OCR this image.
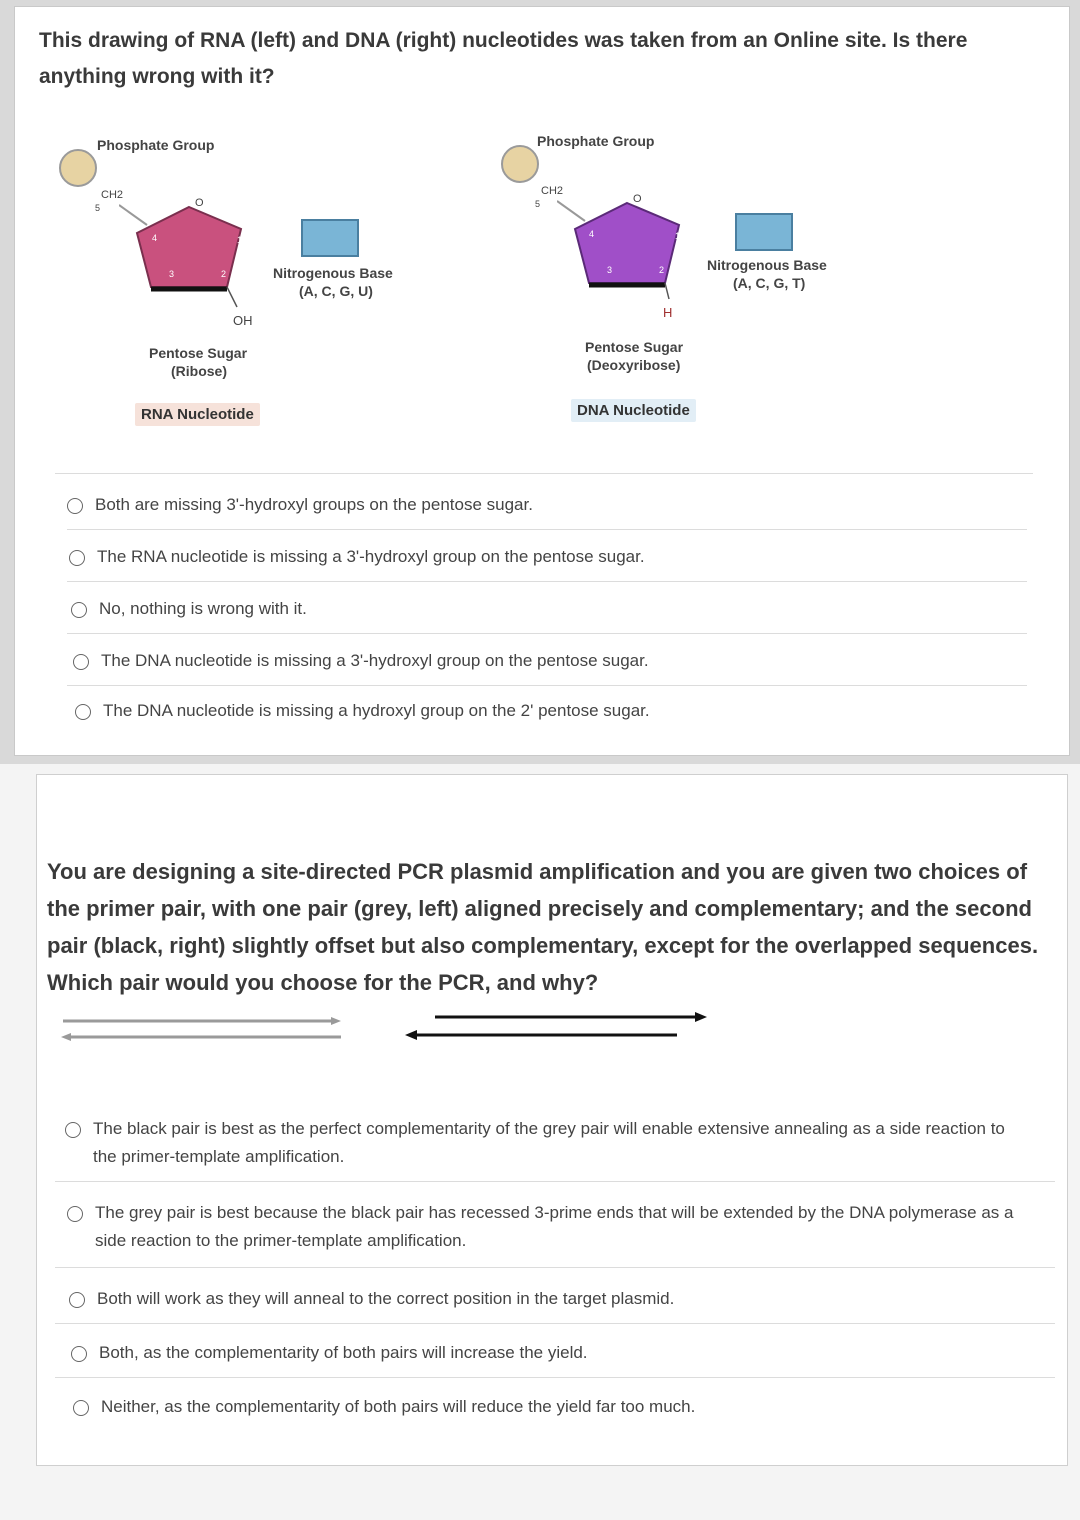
This drawing of RNA (left) and DNA (right) nucleotides was taken from an Online site. Is there anything wrong with it?
Phosphate Group
CH2
5	O
4	1
3	2
OH
Nitrogenous Base
(A, C, G, U)
Pentose Sugar
(Ribose)
RNA Nucleotide
Phosphate Group
CH2
5	O
4	1
3	2
H
Nitrogenous Base
(A, C, G, T)
Pentose Sugar
(Deoxyribose)
DNA Nucleotide
Both are missing 3'-hydroxyl groups on the pentose sugar.
The RNA nucleotide is missing a 3'-hydroxyl group on the pentose sugar.
No, nothing is wrong with it.
The DNA nucleotide is missing a 3'-hydroxyl group on the pentose sugar.
The DNA nucleotide is missing a hydroxyl group on the 2' pentose sugar.
You are designing a site-directed PCR plasmid amplification and you are given two choices of the primer pair, with one pair (grey, left) aligned precisely and complementary; and the second pair (black, right) slightly offset but also complementary, except for the overlapped sequences. Which pair would you choose for the PCR, and why?
The black pair is best as the perfect complementarity of the grey pair will enable extensive annealing as a side reaction to the primer-template amplification.
The grey pair is best because the black pair has recessed 3-prime ends that will be extended by the DNA polymerase as a side reaction to the primer-template amplification.
Both will work as they will anneal to the correct position in the target plasmid.
Both, as the complementarity of both pairs will increase the yield.
Neither, as the complementarity of both pairs will reduce the yield far too much.
